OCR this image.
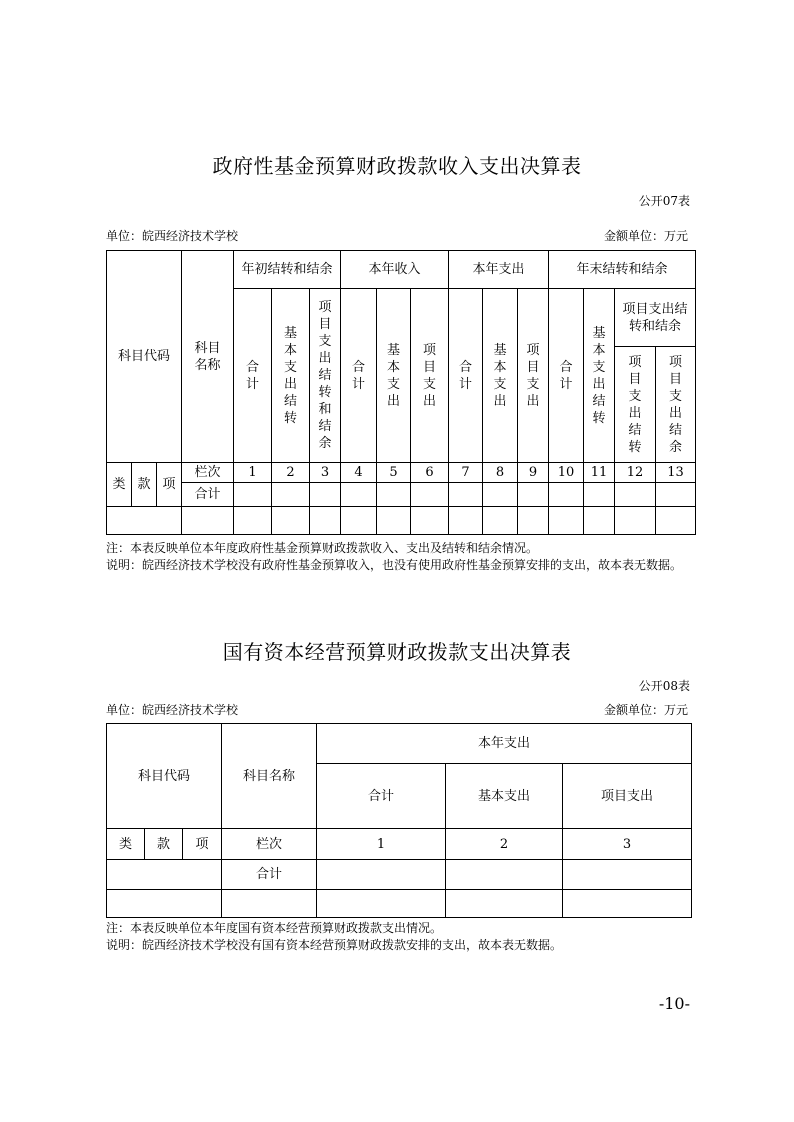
政府性基金预算财政拨款收入支出决算表
公开07表
单位：皖西经济技术学校	金额单位：万元
科目代码			科目名称	年初结转和结余			本年收入			本年支出			年末结转和结余			
				合计	基本支出结转	项目支出结转和结余	合计	基本支出	项目支出	合计	基本支出	项目支出	合计	基本支出结转	项目支出结转和结余	
															项目支出结转	项目支出结余

类	款	项	栏次	1	2	3	4	5	6	7	8	9	10	11	12	13
			合计													

注：本表反映单位本年度政府性基金预算财政拨款收入、支出及结转和结余情况。
说明：皖西经济技术学校没有政府性基金预算收入，也没有使用政府性基金预算安排的支出，故本表无数据。
国有资本经营预算财政拨款支出决算表
公开08表
单位：皖西经济技术学校	金额单位：万元
科目代码			科目名称	本年支出		
				合计	基本支出	项目支出
类	款	项	栏次	1	2	3
			合计			

注：本表反映单位本年度国有资本经营预算财政拨款支出情况。
说明：皖西经济技术学校没有国有资本经营预算财政拨款安排的支出，故本表无数据。
-10-
